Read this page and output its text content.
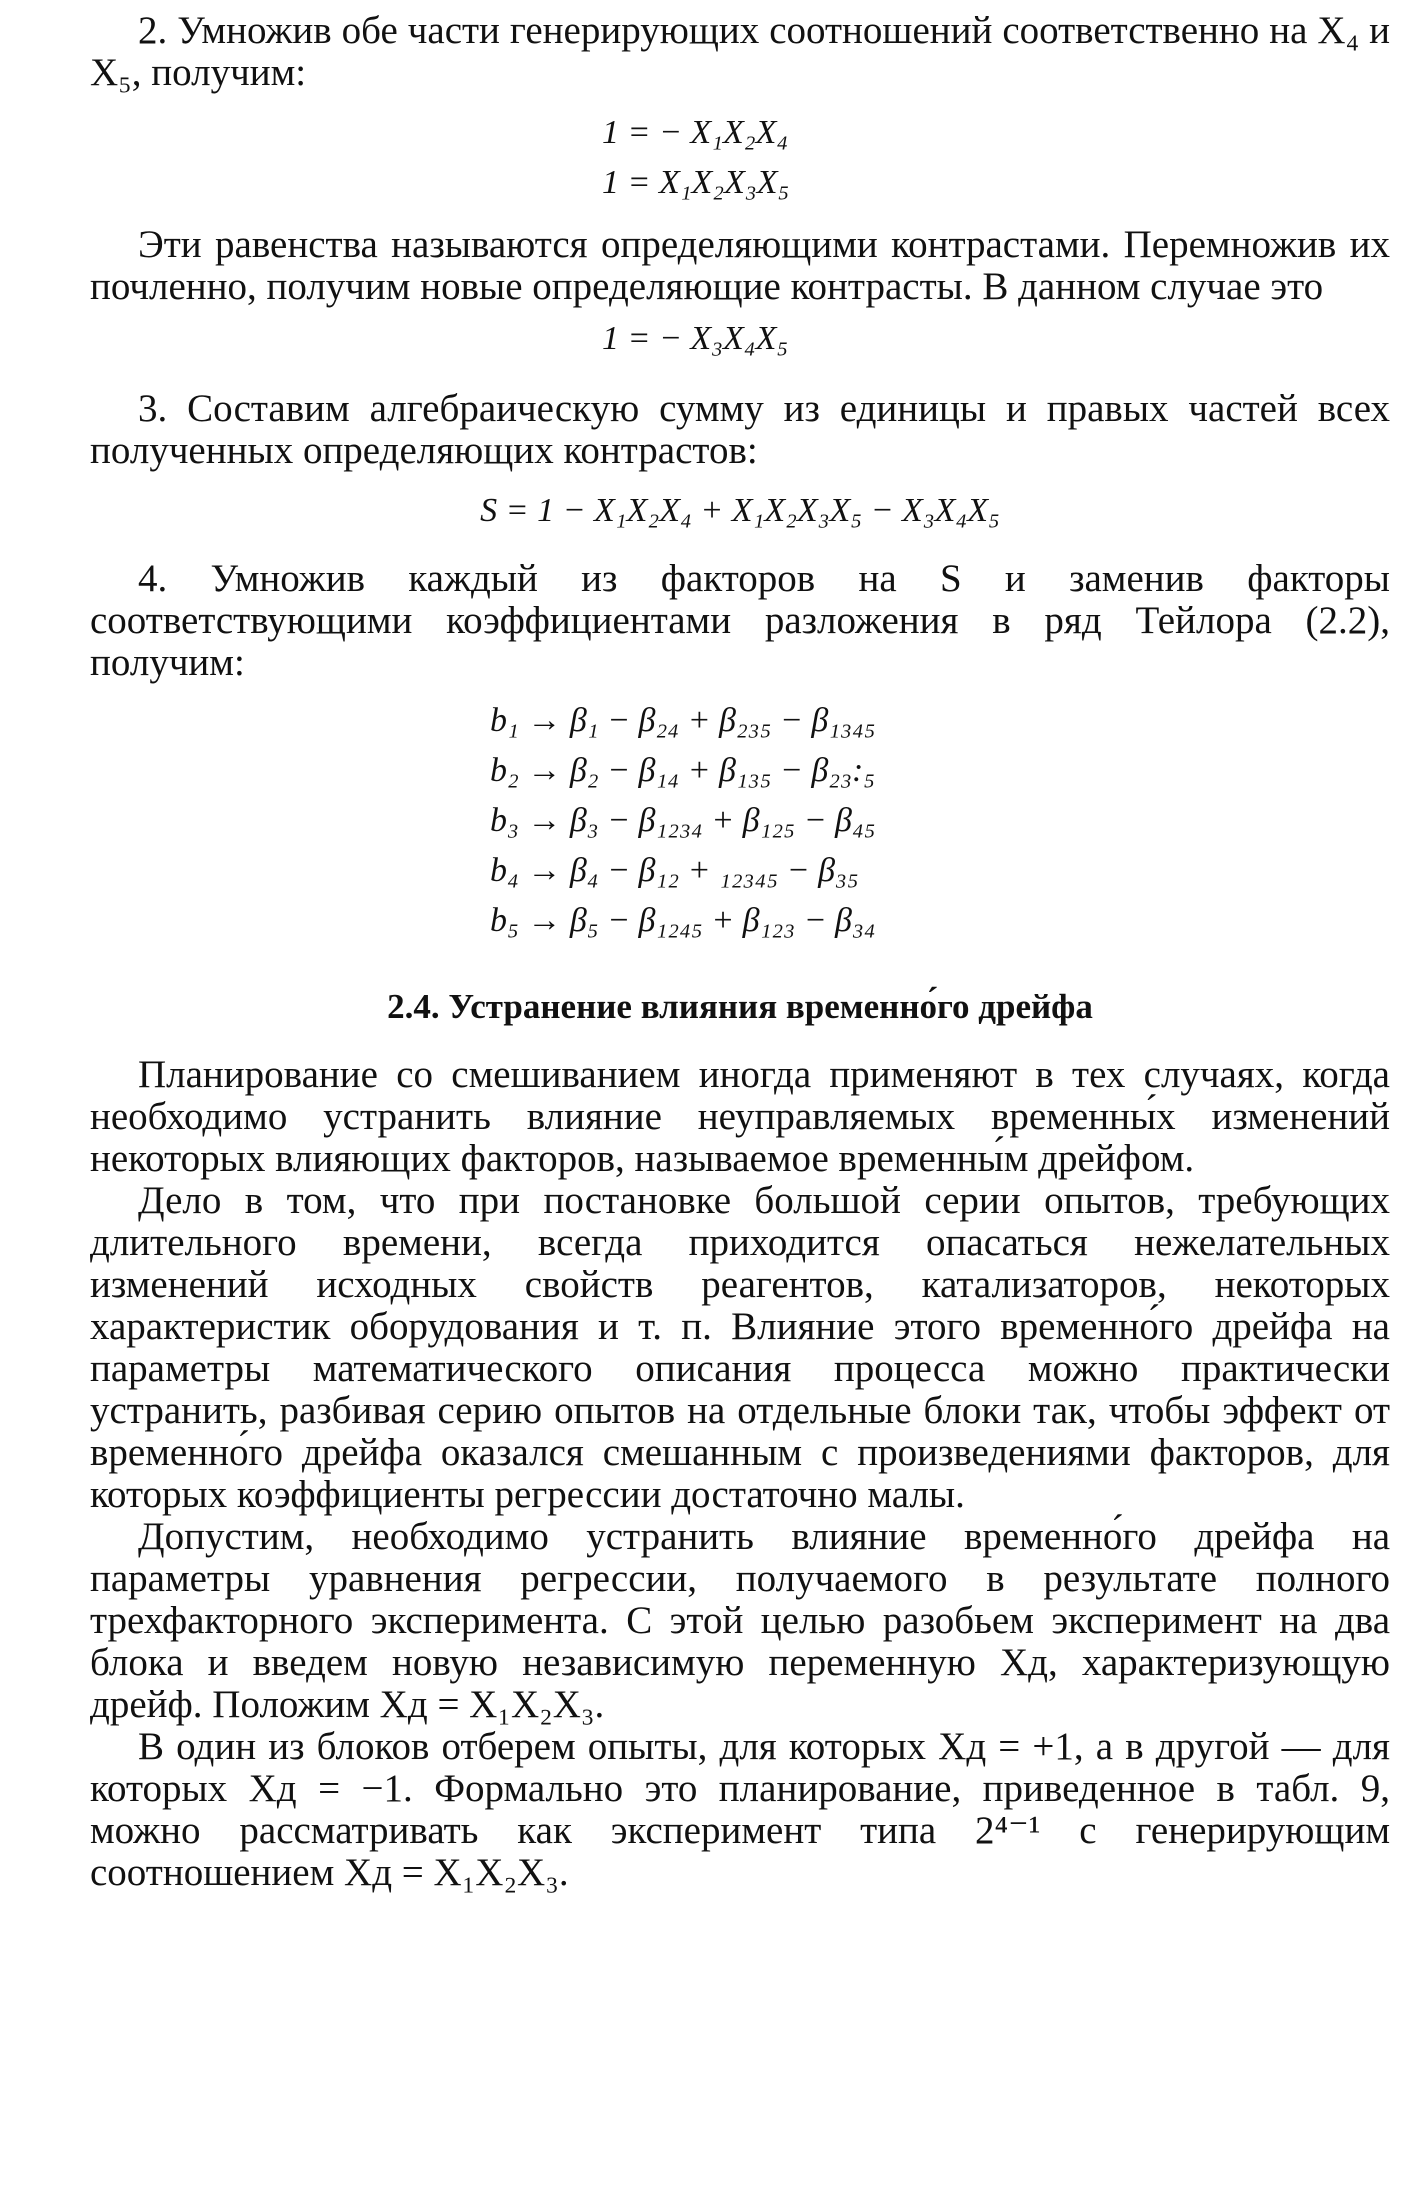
2. Умножив обе части генерирующих соотношений соответственно на X₄ и X₅, получим:

1 = − X₁X₂X₄
1 = X₁X₂X₃X₅

Эти равенства называются определяющими контрастами. Перемножив их почленно, получим новые определяющие контрасты. В данном случае это

1 = − X₃X₄X₅

3. Составим алгебраическую сумму из единицы и правых частей всех полученных определяющих контрастов:

S = 1 − X₁X₂X₄ + X₁X₂X₃X₅ − X₃X₄X₅

4. Умножив каждый из факторов на S и заменив факторы соответствующими коэффициентами разложения в ряд Тейлора (2.2), получим:

b₁ → β₁ − β₂₄ + β₂₃₅ − β₁₃₄₅
b₂ → β₂ − β₁₄ + β₁₃₅ − β₂₃:₅
b₃ → β₃ − β₁₂₃₄ + β₁₂₅ − β₄₅
b₄ → β₄ − β₁₂ + ₁₂₃₄₅ − β₃₅
b₅ → β₅ − β₁₂₄₅ + β₁₂₃ − β₃₄
2.4. Устранение влияния временно́го дрейфа

Планирование со смешиванием иногда применяют в тех случаях, когда необходимо устранить влияние неуправляемых временны́х изменений некоторых влияющих факторов, называемое временны́м дрейфом.

Дело в том, что при постановке большой серии опытов, требующих длительного времени, всегда приходится опасаться нежелательных изменений исходных свойств реагентов, катализаторов, некоторых характеристик оборудования и т. п. Влияние этого временно́го дрейфа на параметры математического описания процесса можно практически устранить, разбивая серию опытов на отдельные блоки так, чтобы эффект от временно́го дрейфа оказался смешанным с произведениями факторов, для которых коэффициенты регрессии достаточно малы.

Допустим, необходимо устранить влияние временно́го дрейфа на параметры уравнения регрессии, получаемого в результате полного трехфакторного эксперимента. С этой целью разобьем эксперимент на два блока и введем новую независимую переменную Xд, характеризующую дрейф. Положим Xд = X₁X₂X₃.

В один из блоков отберем опыты, для которых Xд = +1, а в другой — для которых Xд = −1. Формально это планирование, приведенное в табл. 9, можно рассматривать как эксперимент типа 2⁴⁻¹ с генерирующим соотношением Xд = X₁X₂X₃.
